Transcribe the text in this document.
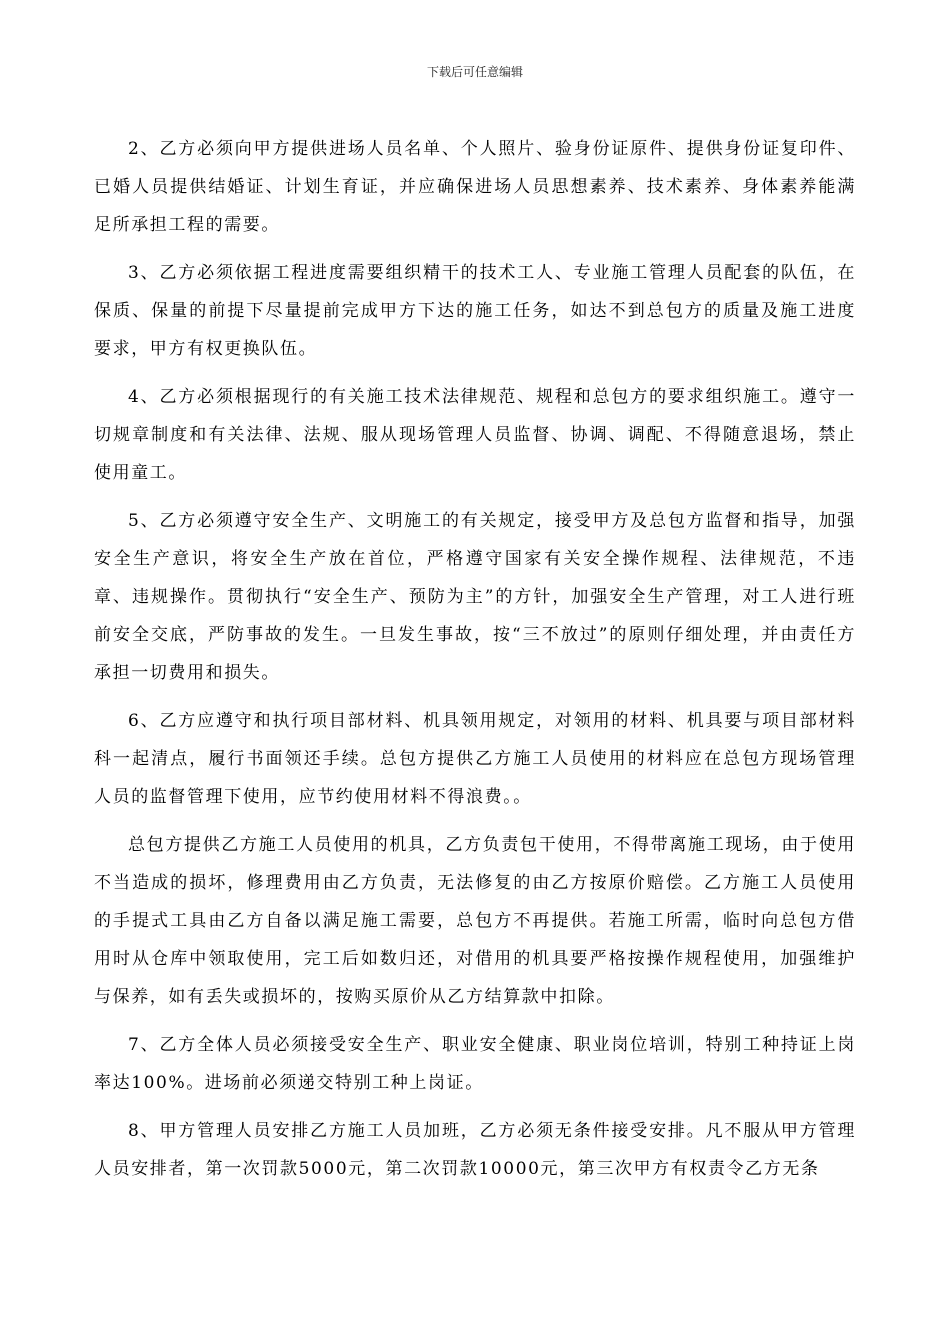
下载后可任意编辑

2、乙方必须向甲方提供进场人员名单、个人照片、验身份证原件、提供身份证复印件、已婚人员提供结婚证、计划生育证，并应确保进场人员思想素养、技术素养、身体素养能满足所承担工程的需要。

3、乙方必须依据工程进度需要组织精干的技术工人、专业施工管理人员配套的队伍，在保质、保量的前提下尽量提前完成甲方下达的施工任务，如达不到总包方的质量及施工进度要求，甲方有权更换队伍。

4、乙方必须根据现行的有关施工技术法律规范、规程和总包方的要求组织施工。遵守一切规章制度和有关法律、法规、服从现场管理人员监督、协调、调配、不得随意退场，禁止使用童工。

5、乙方必须遵守安全生产、文明施工的有关规定，接受甲方及总包方监督和指导，加强安全生产意识，将安全生产放在首位，严格遵守国家有关安全操作规程、法律规范，不违章、违规操作。贯彻执行“安全生产、预防为主”的方针，加强安全生产管理，对工人进行班前安全交底，严防事故的发生。一旦发生事故，按“三不放过”的原则仔细处理，并由责任方承担一切费用和损失。

6、乙方应遵守和执行项目部材料、机具领用规定，对领用的材料、机具要与项目部材料科一起清点，履行书面领还手续。总包方提供乙方施工人员使用的材料应在总包方现场管理人员的监督管理下使用，应节约使用材料不得浪费。。

总包方提供乙方施工人员使用的机具，乙方负责包干使用，不得带离施工现场，由于使用不当造成的损坏，修理费用由乙方负责，无法修复的由乙方按原价赔偿。乙方施工人员使用的手提式工具由乙方自备以满足施工需要，总包方不再提供。若施工所需，临时向总包方借用时从仓库中领取使用，完工后如数归还，对借用的机具要严格按操作规程使用，加强维护与保养，如有丢失或损坏的，按购买原价从乙方结算款中扣除。

7、乙方全体人员必须接受安全生产、职业安全健康、职业岗位培训，特别工种持证上岗率达100%。进场前必须递交特别工种上岗证。

8、甲方管理人员安排乙方施工人员加班，乙方必须无条件接受安排。凡不服从甲方管理人员安排者，第一次罚款5000元，第二次罚款10000元，第三次甲方有权责令乙方无条
